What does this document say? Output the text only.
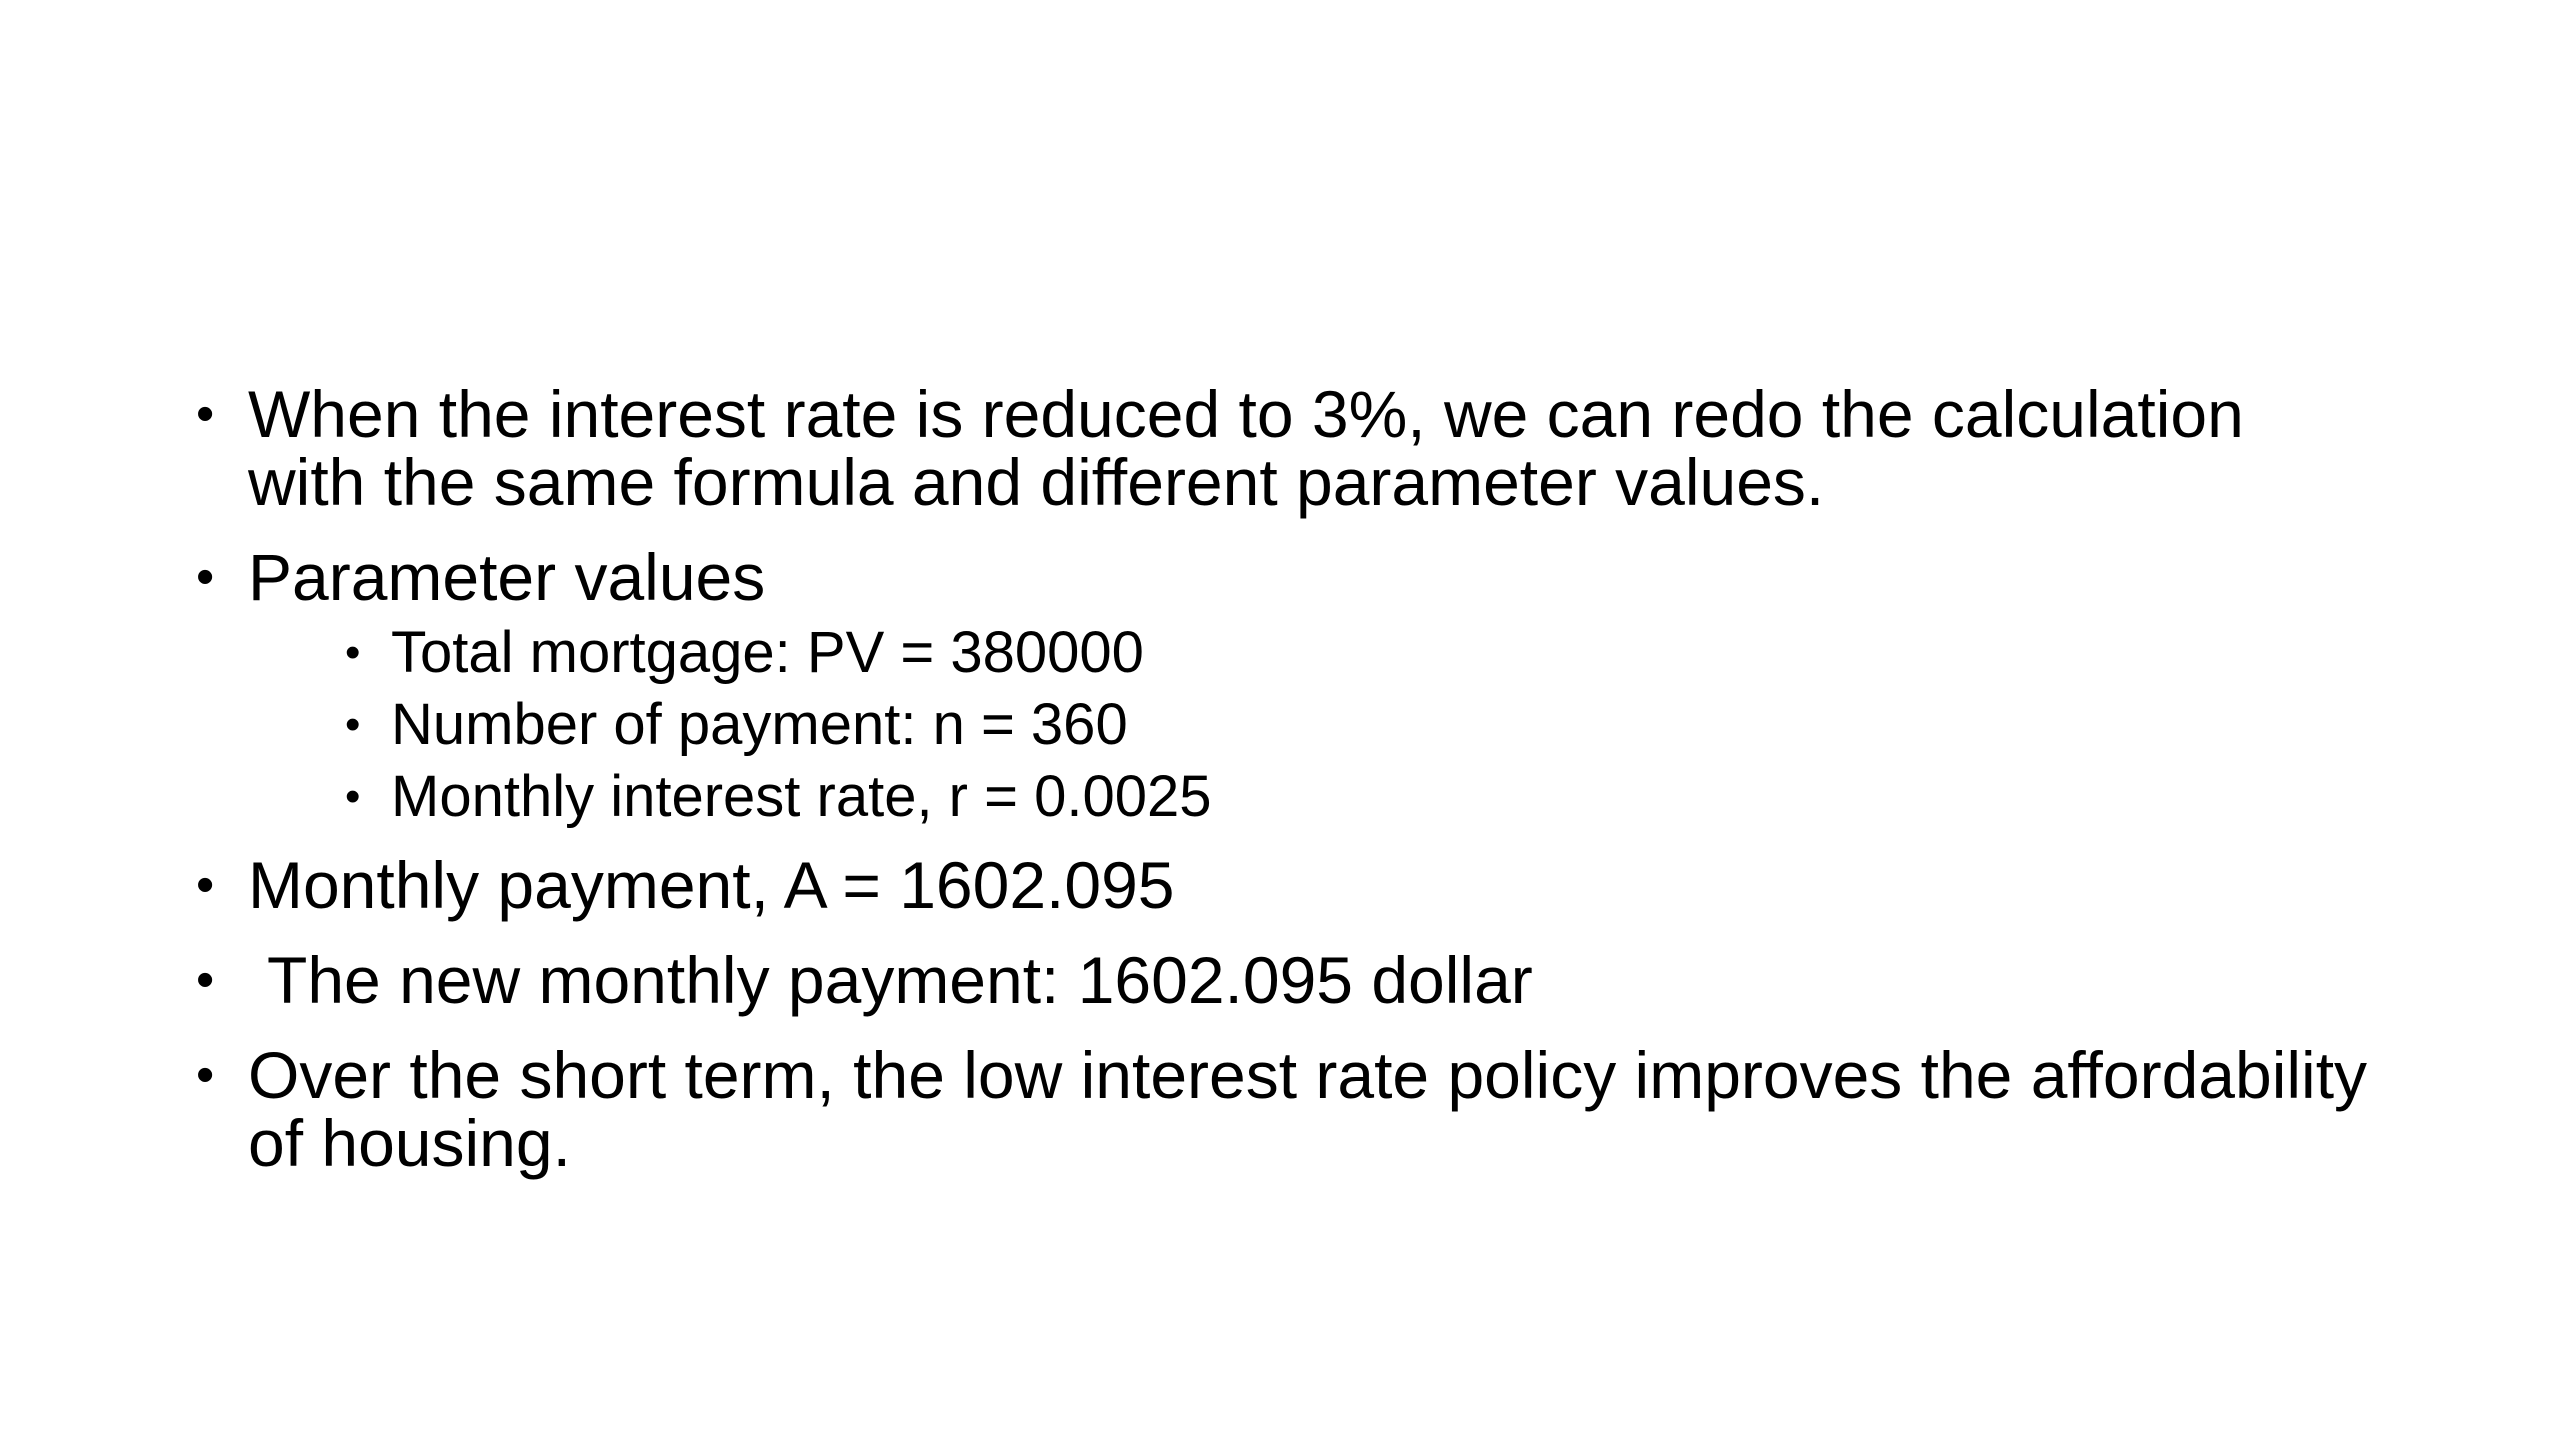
• When the interest rate is reduced to 3%, we can redo the calculation with the same formula and different parameter values.
• Parameter values
• Total mortgage: PV = 380000
• Number of payment: n = 360
• Monthly interest rate, r = 0.0025
• Monthly payment, A = 1602.095
• The new monthly payment: 1602.095 dollar
• Over the short term, the low interest rate policy improves the affordability of housing.
